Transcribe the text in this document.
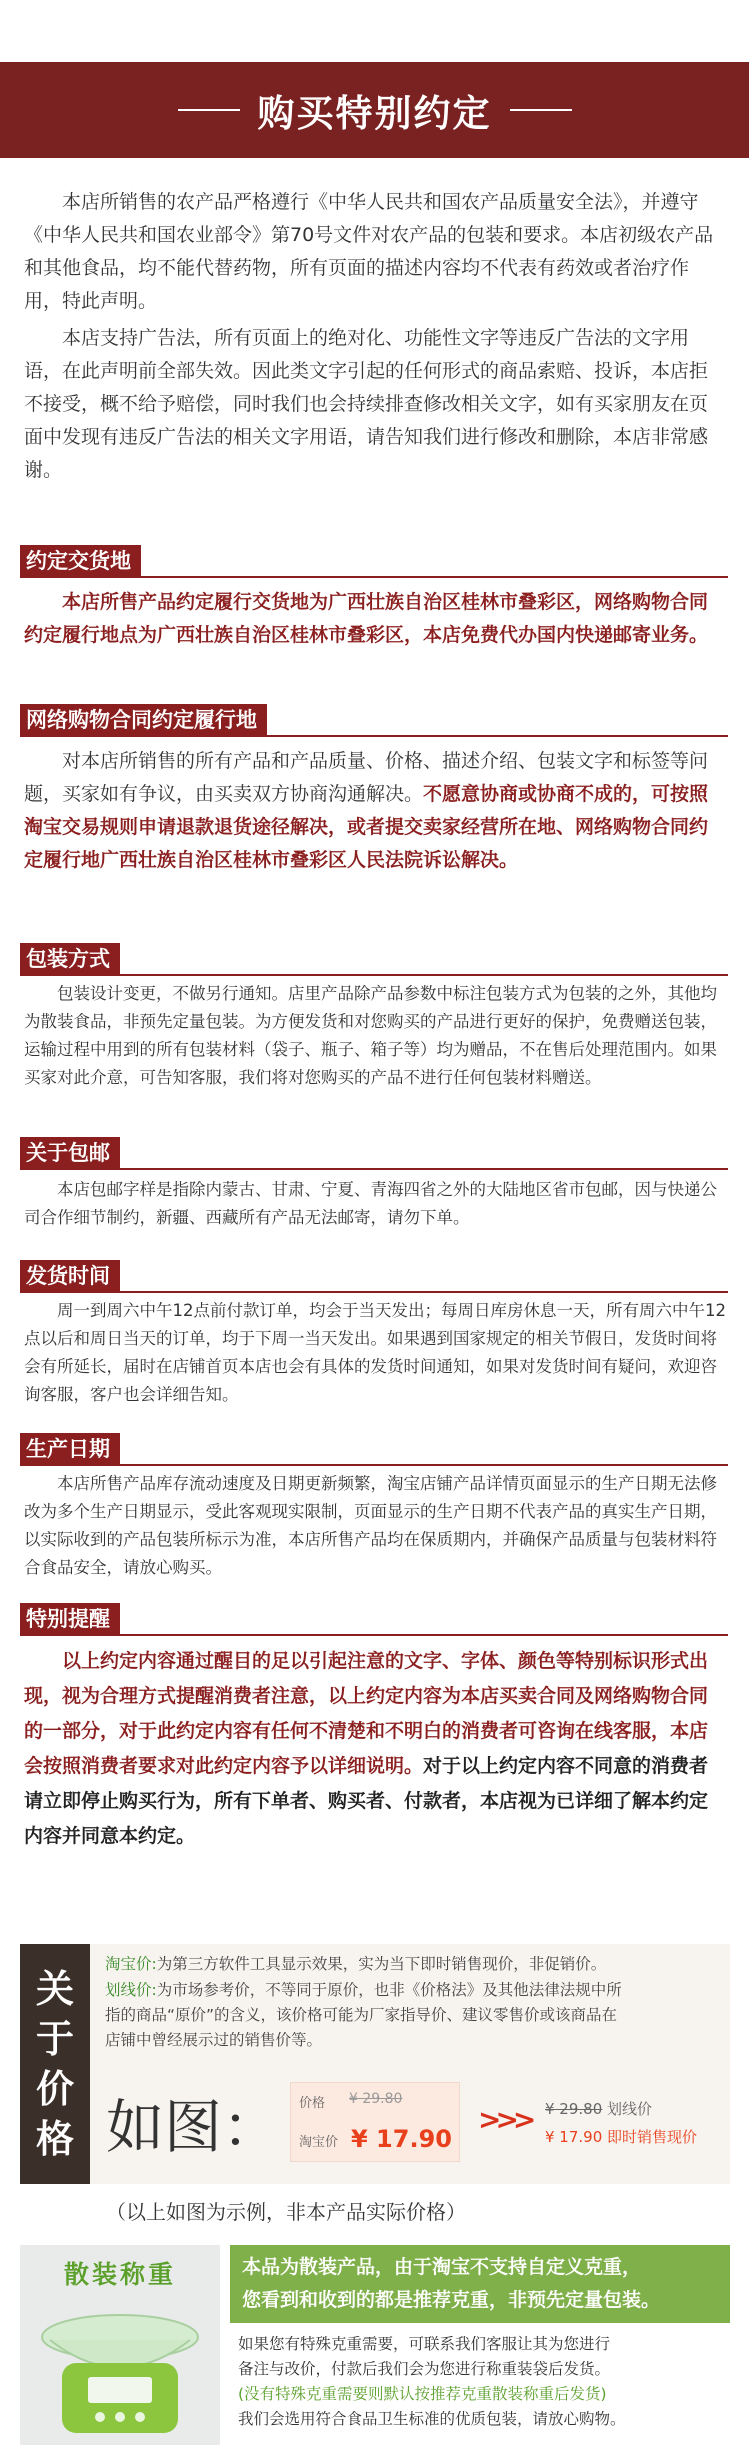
购买特别约定

本店所销售的农产品严格遵行《中华人民共和国农产品质量安全法》，并遵守《中华人民共和国农业部令》第70号文件对农产品的包装和要求。本店初级农产品和其他食品，均不能代替药物，所有页面的描述内容均不代表有药效或者治疗作用，特此声明。

本店支持广告法，所有页面上的绝对化、功能性文字等违反广告法的文字用语，在此声明前全部失效。因此类文字引起的任何形式的商品索赔、投诉，本店拒不接受，概不给予赔偿，同时我们也会持续排查修改相关文字，如有买家朋友在页面中发现有违反广告法的相关文字用语，请告知我们进行修改和删除，本店非常感谢。

约定交货地

本店所售产品约定履行交货地为广西壮族自治区桂林市叠彩区，网络购物合同约定履行地点为广西壮族自治区桂林市叠彩区，本店免费代办国内快递邮寄业务。

网络购物合同约定履行地

对本店所销售的所有产品和产品质量、价格、描述介绍、包装文字和标签等问题，买家如有争议，由买卖双方协商沟通解决。不愿意协商或协商不成的，可按照淘宝交易规则申请退款退货途径解决，或者提交卖家经营所在地、网络购物合同约定履行地广西壮族自治区桂林市叠彩区人民法院诉讼解决。

包装方式

包装设计变更，不做另行通知。店里产品除产品参数中标注包装方式为包装的之外，其他均为散装食品，非预先定量包装。为方便发货和对您购买的产品进行更好的保护，免费赠送包装，运输过程中用到的所有包装材料（袋子、瓶子、箱子等）均为赠品，不在售后处理范围内。如果买家对此介意，可告知客服，我们将对您购买的产品不进行任何包装材料赠送。

关于包邮

本店包邮字样是指除内蒙古、甘肃、宁夏、青海四省之外的大陆地区省市包邮，因与快递公司合作细节制约，新疆、西藏所有产品无法邮寄，请勿下单。

发货时间

周一到周六中午12点前付款订单，均会于当天发出；每周日库房休息一天，所有周六中午12点以后和周日当天的订单，均于下周一当天发出。如果遇到国家规定的相关节假日，发货时间将会有所延长，届时在店铺首页本店也会有具体的发货时间通知，如果对发货时间有疑问，欢迎咨询客服，客户也会详细告知。

生产日期

本店所售产品库存流动速度及日期更新频繁，淘宝店铺产品详情页面显示的生产日期无法修改为多个生产日期显示，受此客观现实限制，页面显示的生产日期不代表产品的真实生产日期，以实际收到的产品包装所标示为准，本店所售产品均在保质期内，并确保产品质量与包装材料符合食品安全，请放心购买。

特别提醒

以上约定内容通过醒目的足以引起注意的文字、字体、颜色等特别标识形式出现，视为合理方式提醒消费者注意，以上约定内容为本店买卖合同及网络购物合同的一部分，对于此约定内容有任何不清楚和不明白的消费者可咨询在线客服，本店会按照消费者要求对此约定内容予以详细说明。对于以上约定内容不同意的消费者请立即停止购买行为，所有下单者、购买者、付款者，本店视为已详细了解本约定内容并同意本约定。

关
于
价
格
淘宝价:为第三方软件工具显示效果，实为当下即时销售现价，非促销价。
划线价:为市场参考价，不等同于原价，也非《价格法》及其他法律法规中所
指的商品“原价”的含义，该价格可能为厂家指导价、建议零售价或该商品在
店铺中曾经展示过的销售价等。
如图： 价格 ¥ 29.80
淘宝价 ¥ 17.90
>>> ¥ 29.80 划线价
¥ 17.90 即时销售现价
（以上如图为示例，非本产品实际价格）
散装称重	本品为散装产品，由于淘宝不支持自定义克重，
您看到和收到的都是推荐克重，非预先定量包装。
如果您有特殊克重需要，可联系我们客服让其为您进行
备注与改价，付款后我们会为您进行称重装袋后发货。
(没有特殊克重需要则默认按推荐克重散装称重后发货)
我们会选用符合食品卫生标准的优质包装，请放心购物。
